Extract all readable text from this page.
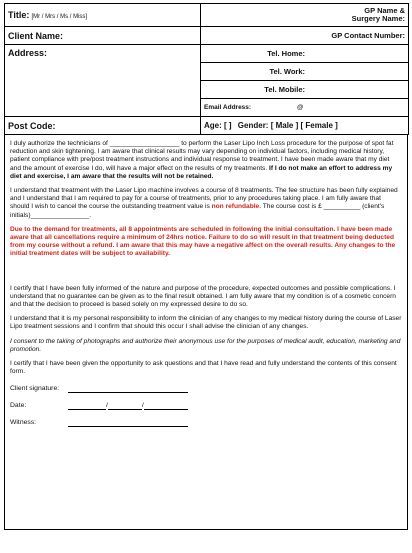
Title: [Mr / Mrs / Ms / Miss]	GP Name & Surgery Name:

Client Name:	GP Contact Number:
Address:	Tel. Home:
	Tel. Work:
	Tel. Mobile:
	Email Address: @
Post Code:	Age: [ ] Gender: [ Male ] [ Female ]

I duly authorize the technicians of ___________________ to perform the Laser Lipo Inch Loss procedure for the purpose of spot fat reduction and skin tightening. I am aware that clinical results may vary depending on individual factors, including medical history, patient compliance with pre/post treatment instructions and individual response to treatment. I have been made aware that my diet and the amount of exercise I do, will have a major effect on the results of my treatments. If I do not make an effort to address my diet and exercise, I am aware that the results will not be retained.

I understand that treatment with the Laser Lipo machine involves a course of 8 treatments. The fee structure has been fully explained and I understand that I am required to pay for a course of treatments, prior to any procedures taking place. I am fully aware that should I wish to cancel the course the outstanding treatment value is non refundable. The course cost is £ __________ (client's initials)________________.

Due to the demand for treatments, all 8 appointments are scheduled in following the initial consultation. I have been made aware that all cancellations require a minimum of 24hrs notice. Failure to do so will result in that treatment being deducted from my course without a refund. I am aware that this may have a negative affect on the overall results. Any changes to the initial treatment dates will be subject to availability.

I certify that I have been fully informed of the nature and purpose of the procedure, expected outcomes and possible complications. I understand that no guarantee can be given as to the final result obtained. I am fully aware that my condition is of a cosmetic concern and that the decision to proceed is based solely on my expressed desire to do so.

I understand that it is my personal responsibility to inform the clinician of any changes to my medical history during the course of Laser Lipo treatment sessions and I confirm that should this occur I shall advise the clinician of any changes.

I consent to the taking of photographs and authorize their anonymous use for the purposes of medical audit, education, marketing and promotion.

I certify that I have been given the opportunity to ask questions and that I have read and fully understand the contents of this consent form.

Client signature:
Date:	/	/
Witness:
